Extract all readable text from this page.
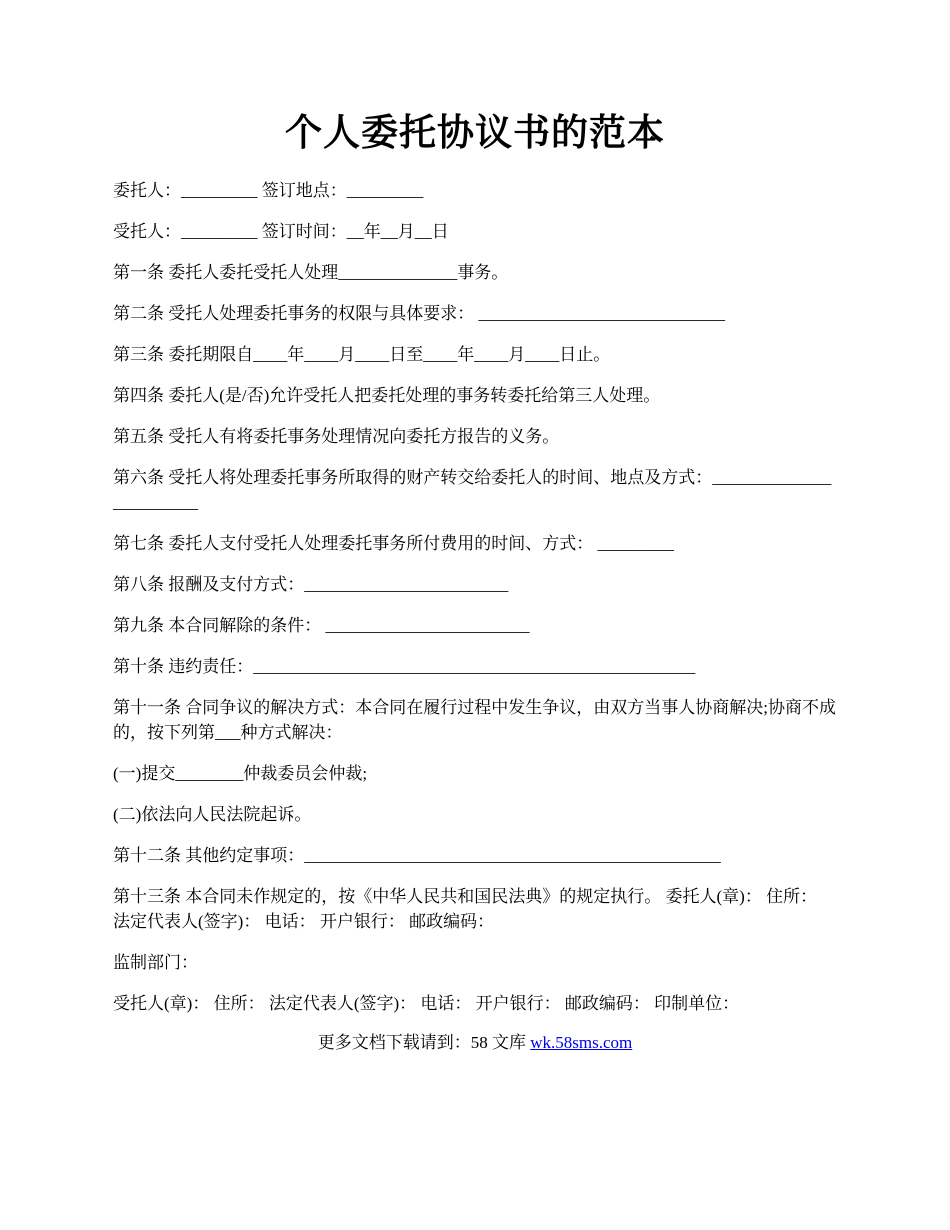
个人委托协议书的范本

委托人：_________ 签订地点：_________

受托人：_________ 签订时间：__年__月__日

第一条 委托人委托受托人处理______________事务。

第二条 受托人处理委托事务的权限与具体要求： _____________________________

第三条 委托期限自____年____月____日至____年____月____日止。

第四条 委托人(是/否)允许受托人把委托处理的事务转委托给第三人处理。

第五条 受托人有将委托事务处理情况向委托方报告的义务。

第六条 受托人将处理委托事务所取得的财产转交给委托人的时间、地点及方式：________________________

第七条 委托人支付受托人处理委托事务所付费用的时间、方式： _________

第八条 报酬及支付方式：________________________

第九条 本合同解除的条件： ________________________

第十条 违约责任：____________________________________________________

第十一条 合同争议的解决方式：本合同在履行过程中发生争议，由双方当事人协商解决;协商不成的，按下列第___种方式解决：

(一)提交________仲裁委员会仲裁;

(二)依法向人民法院起诉。

第十二条 其他约定事项：_________________________________________________

第十三条 本合同未作规定的，按《中华人民共和国民法典》的规定执行。 委托人(章)： 住所： 法定代表人(签字)： 电话： 开户银行： 邮政编码：

监制部门：

受托人(章)： 住所： 法定代表人(签字)： 电话： 开户银行： 邮政编码： 印制单位：

更多文档下载请到：58 文库 wk.58sms.com
